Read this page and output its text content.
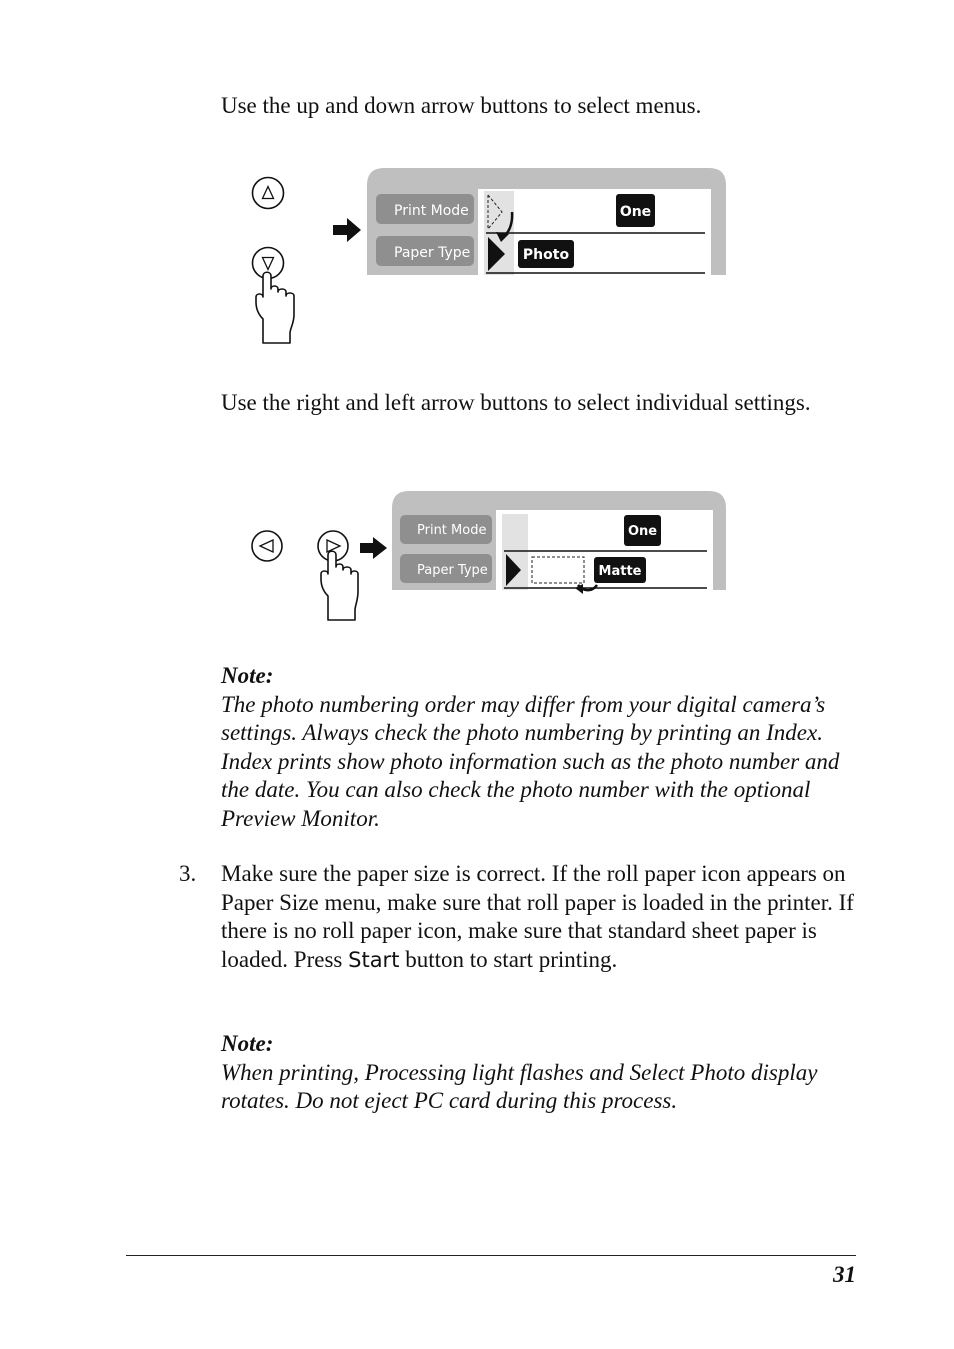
Use the up and down arrow buttons to select menus.

Print Mode
Paper Type
One
Photo

Use the right and left arrow buttons to select individual settings.

Print Mode
Paper Type
One
Matte
Note:
The photo numbering order may differ from your digital camera’s settings. Always check the photo numbering by printing an Index. Index prints show photo information such as the photo number and the date. You can also check the photo number with the optional Preview Monitor.
3. Make sure the paper size is correct. If the roll paper icon appears on Paper Size menu, make sure that roll paper is loaded in the printer. If there is no roll paper icon, make sure that standard sheet paper is loaded. Press Start button to start printing.

Note:
When printing, Processing light flashes and Select Photo display rotates. Do not eject PC card during this process.
31
